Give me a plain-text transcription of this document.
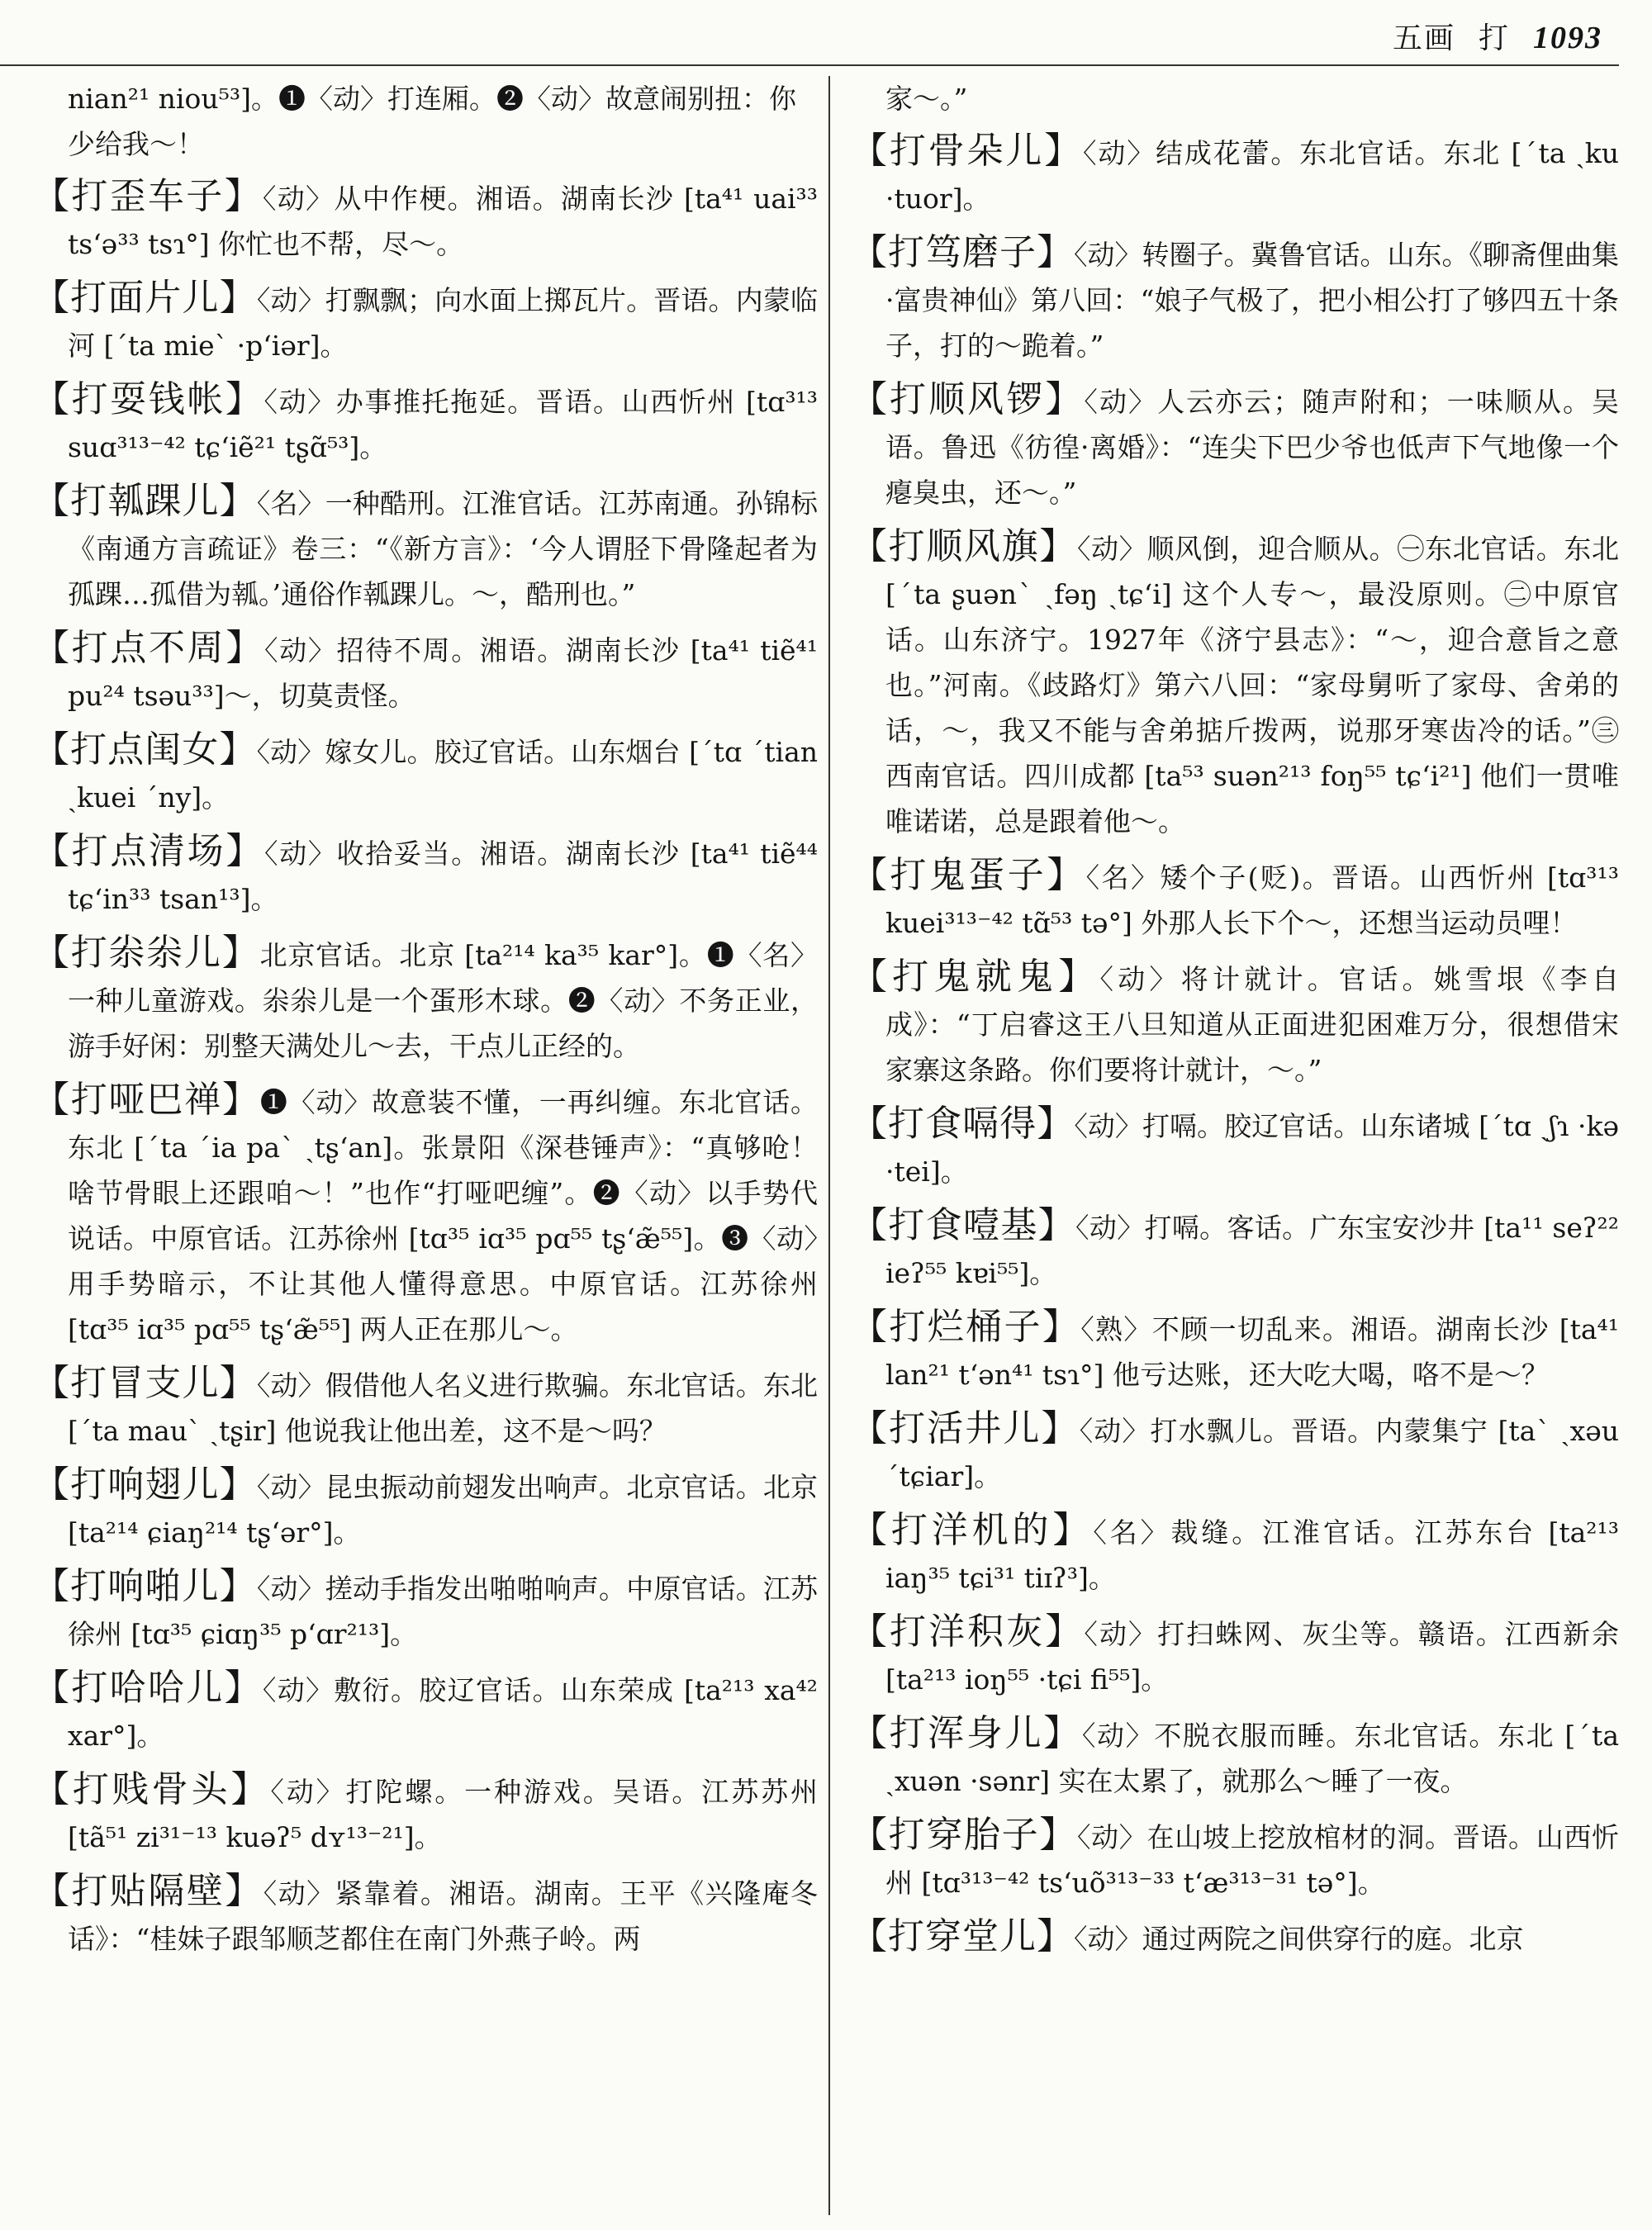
五画 打 1093
nian²¹ niou⁵³]。❶〈动〉打连厢。❷〈动〉故意闹别扭：你少给我～！
【打歪车子】〈动〉从中作梗。湘语。湖南长沙 [ta⁴¹ uai³³ ts‘ə³³ tsɿ°] 你忙也不帮，尽～。
【打面片儿】〈动〉打飘飘；向水面上掷瓦片。晋语。内蒙临河 [ˊta mieˋ ·p‘iər]。
【打耍钱帐】〈动〉办事推托拖延。晋语。山西忻州 [tɑ³¹³ suɑ³¹³⁻⁴² tɕ‘iẽ²¹ tʂɑ̃⁵³]。
【打瓡踝儿】〈名〉一种酷刑。江淮官话。江苏南通。孙锦标《南通方言疏证》卷三：“《新方言》：‘今人谓胫下骨隆起者为孤踝…孤借为瓡。’通俗作瓡踝儿。～，酷刑也。”
【打点不周】〈动〉招待不周。湘语。湖南长沙 [ta⁴¹ tiẽ⁴¹ pu²⁴ tsəu³³]～，切莫责怪。
【打点闺女】〈动〉嫁女儿。胶辽官话。山东烟台 [ˊtɑ ˊtian ˏkuei ˊny]。
【打点清场】〈动〉收拾妥当。湘语。湖南长沙 [ta⁴¹ tiẽ⁴⁴ tɕ‘in³³ tsan¹³]。
【打尜尜儿】北京官话。北京 [ta²¹⁴ ka³⁵ kar°]。❶〈名〉一种儿童游戏。尜尜儿是一个蛋形木球。❷〈动〉不务正业，游手好闲：别整天满处儿～去，干点儿正经的。
【打哑巴禅】❶〈动〉故意装不懂，一再纠缠。东北官话。东北 [ˊta ˊia paˋ ˏtʂ‘an]。张景阳《深巷锤声》：“真够呛！啥节骨眼上还跟咱～！”也作“打哑吧缠”。❷〈动〉以手势代说话。中原官话。江苏徐州 [tɑ³⁵ iɑ³⁵ pɑ⁵⁵ tʂ‘æ̃⁵⁵]。❸〈动〉用手势暗示，不让其他人懂得意思。中原官话。江苏徐州 [tɑ³⁵ iɑ³⁵ pɑ⁵⁵ tʂ‘æ̃⁵⁵] 两人正在那儿～。
【打冒支儿】〈动〉假借他人名义进行欺骗。东北官话。东北 [ˊta mauˋ ˏtʂir] 他说我让他出差，这不是～吗？
【打响翅儿】〈动〉昆虫振动前翅发出响声。北京官话。北京 [ta²¹⁴ ɕiaŋ²¹⁴ tʂ‘ər°]。
【打响啪儿】〈动〉搓动手指发出啪啪响声。中原官话。江苏徐州 [tɑ³⁵ ɕiɑŋ³⁵ p‘ɑr²¹³]。
【打哈哈儿】〈动〉敷衍。胶辽官话。山东荣成 [ta²¹³ xa⁴² xar°]。
【打贱骨头】〈动〉打陀螺。一种游戏。吴语。江苏苏州 [tã⁵¹ zi³¹⁻¹³ kuəʔ⁵ dʏ¹³⁻²¹]。
【打贴隔壁】〈动〉紧靠着。湘语。湖南。王平《兴隆庵冬话》：“桂妹子跟邹顺芝都住在南门外燕子岭。两
家～。”
【打骨朵儿】〈动〉结成花蕾。东北官话。东北 [ˊta ˏku ·tuor]。
【打笃磨子】〈动〉转圈子。冀鲁官话。山东。《聊斋俚曲集·富贵神仙》第八回：“娘子气极了，把小相公打了够四五十条子，打的～跪着。”
【打顺风锣】〈动〉人云亦云；随声附和；一味顺从。吴语。鲁迅《彷徨·离婚》：“连尖下巴少爷也低声下气地像一个瘪臭虫，还～。”
【打顺风旗】〈动〉顺风倒，迎合顺从。㊀东北官话。东北 [ˊta ʂuənˋ ˏfəŋ ˏtɕ‘i] 这个人专～，最没原则。㊁中原官话。山东济宁。1927年《济宁县志》：“～，迎合意旨之意也。”河南。《歧路灯》第六八回：“家母舅听了家母、舍弟的话，～，我又不能与舍弟掂斤拨两，说那牙寒齿冷的话。”㊂西南官话。四川成都 [ta⁵³ suən²¹³ foŋ⁵⁵ tɕ‘i²¹] 他们一贯唯唯诺诺，总是跟着他～。
【打鬼蛋子】〈名〉矮个子(贬)。晋语。山西忻州 [tɑ³¹³ kuei³¹³⁻⁴² tɑ̃⁵³ tə°] 外那人长下个～，还想当运动员哩！
【打鬼就鬼】〈动〉将计就计。官话。姚雪垠《李自成》：“丁启睿这王八旦知道从正面进犯困难万分，很想借宋家寨这条路。你们要将计就计，～。”
【打食嗝得】〈动〉打嗝。胶辽官话。山东诸城 [ˊtɑ ˏʃɿ ·kə ·tei]。
【打食噎基】〈动〉打嗝。客话。广东宝安沙井 [ta¹¹ seʔ²² ieʔ⁵⁵ kɐi⁵⁵]。
【打烂桶子】〈熟〉不顾一切乱来。湘语。湖南长沙 [ta⁴¹ lan²¹ t‘ən⁴¹ tsɿ°] 他亏达账，还大吃大喝，咯不是～？
【打活井儿】〈动〉打水飘儿。晋语。内蒙集宁 [taˋ ˏxəu ˊtɕiar]。
【打洋机的】〈名〉裁缝。江淮官话。江苏东台 [ta²¹³ iaŋ³⁵ tɕi³¹ tiɪʔ³]。
【打洋积灰】〈动〉打扫蛛网、灰尘等。赣语。江西新余 [ta²¹³ ioŋ⁵⁵ ·tɕi fi⁵⁵]。
【打浑身儿】〈动〉不脱衣服而睡。东北官话。东北 [ˊta ˏxuən ·sənr] 实在太累了，就那么～睡了一夜。
【打穿胎子】〈动〉在山坡上挖放棺材的洞。晋语。山西忻州 [tɑ³¹³⁻⁴² ts‘uõ³¹³⁻³³ t‘æ³¹³⁻³¹ tə°]。
【打穿堂儿】〈动〉通过两院之间供穿行的庭。北京
